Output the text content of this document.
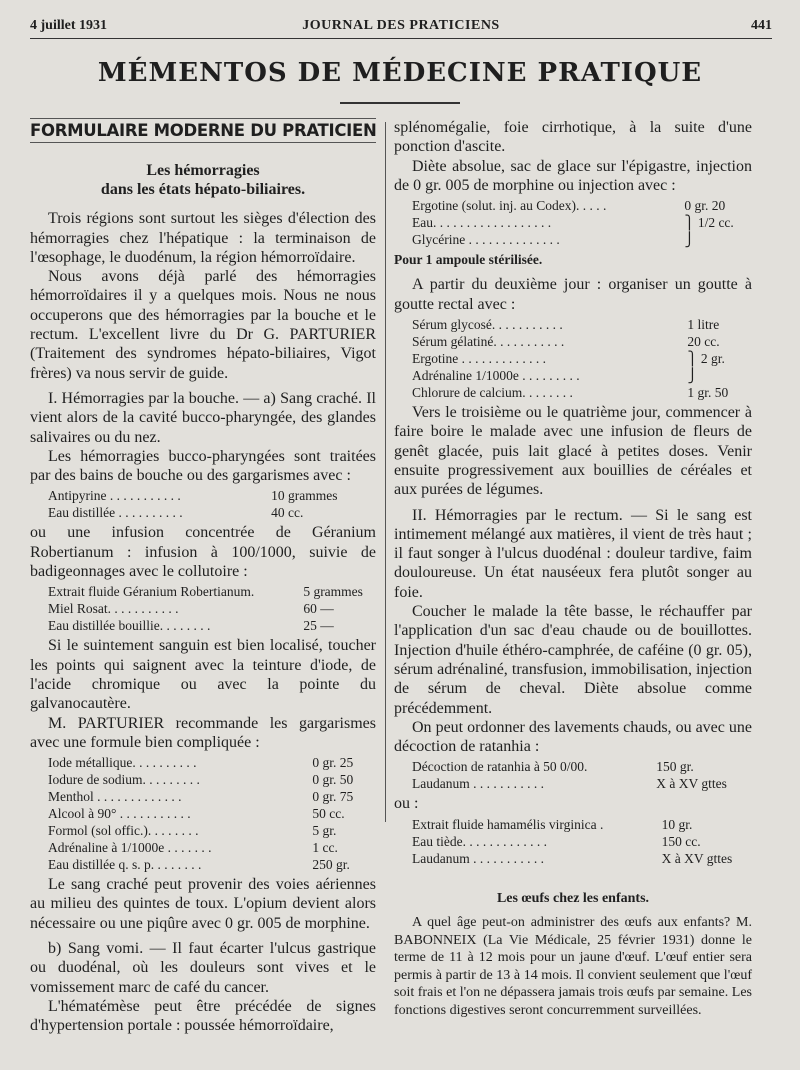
4 juillet 1931	JOURNAL DES PRATICIENS	441
MÉMENTOS DE MÉDECINE PRATIQUE
FORMULAIRE MODERNE DU PRATICIEN
Les hémorragies
dans les états hépato-biliaires.

Trois régions sont surtout les sièges d'élection des hémorragies chez l'hépatique : la terminaison de l'œsophage, le duodénum, la région hémorroïdaire.

Nous avons déjà parlé des hémorragies hémorroïdaires il y a quelques mois. Nous ne nous occuperons que des hémorragies par la bouche et le rectum. L'excellent livre du Dr G. PARTURIER (Traitement des syndromes hépato-biliaires, Vigot frères) va nous servir de guide.

I. Hémorragies par la bouche. — a) Sang craché. Il vient alors de la cavité bucco-pharyngée, des glandes salivaires ou du nez.

Les hémorragies bucco-pharyngées sont traitées par des bains de bouche ou des gargarismes avec :

Antipyrine . . . . . . . . . . .	10 grammes
Eau distillée . . . . . . . . . .	40 cc.

ou une infusion concentrée de Géranium Robertianum : infusion à 100/1000, suivie de badigeonnages avec le collutoire :

Extrait fluide Géranium Robertianum.	5 grammes
Miel Rosat. . . . . . . . . . .	60 —
Eau distillée bouillie. . . . . . . .	25 —

Si le suintement sanguin est bien localisé, toucher les points qui saignent avec la teinture d'iode, de l'acide chromique ou avec la pointe du galvanocautère.

M. PARTURIER recommande les gargarismes avec une formule bien compliquée :

Iode métallique. . . . . . . . . .	0 gr. 25
Iodure de sodium. . . . . . . . .	0 gr. 50
Menthol . . . . . . . . . . . . .	0 gr. 75
Alcool à 90° . . . . . . . . . . .	50 cc.
Formol (sol offic.). . . . . . . .	5 gr.
Adrénaline à 1/1000e . . . . . . .	1 cc.
Eau distillée q. s. p. . . . . . . .	250 gr.

Le sang craché peut provenir des voies aériennes au milieu des quintes de toux. L'opium devient alors nécessaire ou une piqûre avec 0 gr. 005 de morphine.

b) Sang vomi. — Il faut écarter l'ulcus gastrique ou duodénal, où les douleurs sont vives et le vomissement marc de café du cancer.

L'hématémèse peut être précédée de signes d'hypertension portale : poussée hémorroïdaire,

splénomégalie, foie cirrhotique, à la suite d'une ponction d'ascite.

Diète absolue, sac de glace sur l'épigastre, injection de 0 gr. 005 de morphine ou injection avec :

Ergotine (solut. inj. au Codex). . . . .	0 gr. 20
Eau. . . . . . . . . . . . . . . . . .	⎫ 1/2 cc.
Glycérine . . . . . . . . . . . . . .	⎭
Pour 1 ampoule stérilisée.

A partir du deuxième jour : organiser un goutte à goutte rectal avec :

Sérum glycosé. . . . . . . . . . .	1 litre
Sérum gélatiné. . . . . . . . . . .	20 cc.
Ergotine . . . . . . . . . . . . .	⎫ 2 gr.
Adrénaline 1/1000e . . . . . . . . .	⎭
Chlorure de calcium. . . . . . . .	1 gr. 50

Vers le troisième ou le quatrième jour, commencer à faire boire le malade avec une infusion de fleurs de genêt glacée, puis lait glacé à petites doses. Venir ensuite progressivement aux bouillies de céréales et aux purées de légumes.

II. Hémorragies par le rectum. — Si le sang est intimement mélangé aux matières, il vient de très haut ; il faut songer à l'ulcus duodénal : douleur tardive, faim douloureuse. Un état nauséeux fera plutôt songer au foie.

Coucher le malade la tête basse, le réchauffer par l'application d'un sac d'eau chaude ou de bouillottes. Injection d'huile éthéro-camphrée, de caféine (0 gr. 05), sérum adrénaliné, transfusion, immobilisation, injection de sérum de cheval. Diète absolue comme précédemment.

On peut ordonner des lavements chauds, ou avec une décoction de ratanhia :

Décoction de ratanhia à 50 0/00.	150 gr.
Laudanum . . . . . . . . . . .	X à XV gttes

ou :

Extrait fluide hamamélis virginica .	10 gr.
Eau tiède. . . . . . . . . . . . .	150 cc.
Laudanum . . . . . . . . . . .	X à XV gttes
Les œufs chez les enfants.

A quel âge peut-on administrer des œufs aux enfants? M. BABONNEIX (La Vie Médicale, 25 février 1931) donne le terme de 11 à 12 mois pour un jaune d'œuf. L'œuf entier sera permis à partir de 13 à 14 mois. Il convient seulement que l'œuf soit frais et l'on ne dépassera jamais trois œufs par semaine. Les fonctions digestives seront concurremment surveillées.
